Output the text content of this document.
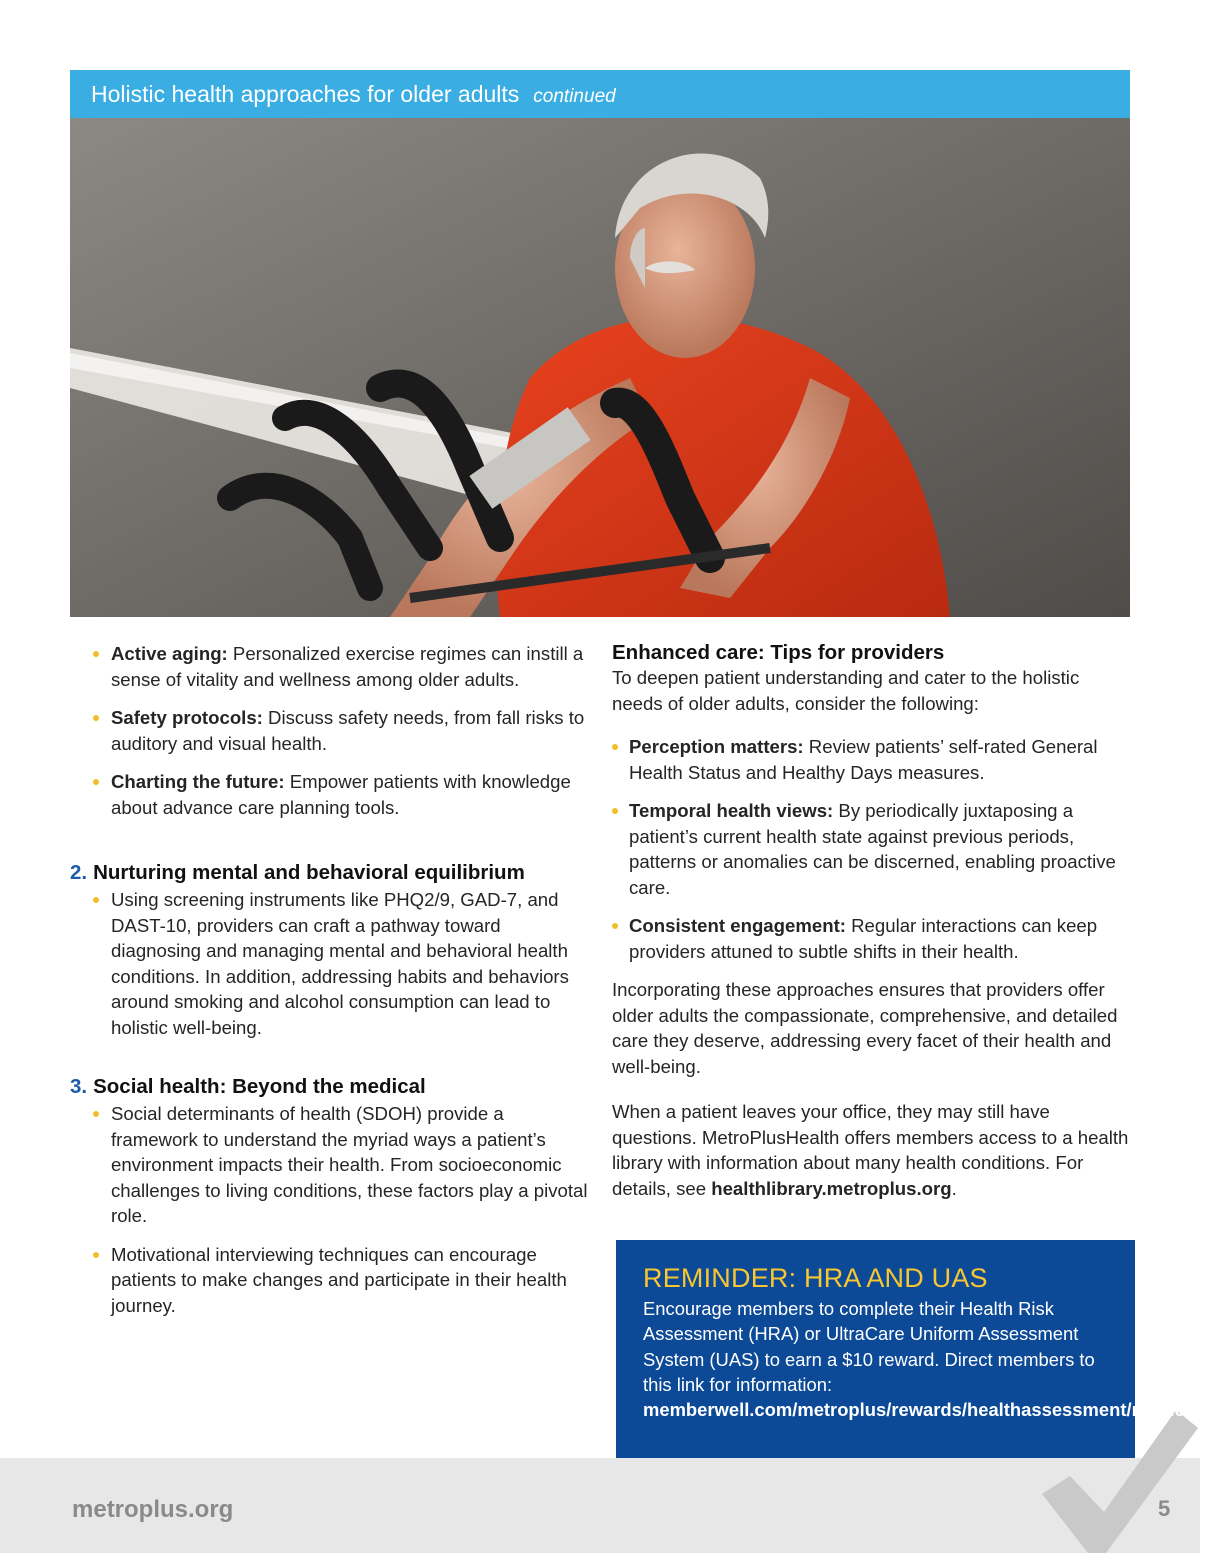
Holistic health approaches for older adults continued
Active aging: Personalized exercise regimes can instill a sense of vitality and wellness among older adults.
Safety protocols: Discuss safety needs, from fall risks to auditory and visual health.
Charting the future: Empower patients with knowledge about advance care planning tools.
2. Nurturing mental and behavioral equilibrium
Using screening instruments like PHQ2/9, GAD-7, and DAST-10, providers can craft a pathway toward diagnosing and managing mental and behavioral health conditions. In addition, addressing habits and behaviors around smoking and alcohol consumption can lead to holistic well-being.
3. Social health: Beyond the medical
Social determinants of health (SDOH) provide a framework to understand the myriad ways a patient’s environment impacts their health. From socioeconomic challenges to living conditions, these factors play a pivotal role.
Motivational interviewing techniques can encourage patients to make changes and participate in their health journey.
Enhanced care: Tips for providers

To deepen patient understanding and cater to the holistic needs of older adults, consider the following:

Perception matters: Review patients’ self-rated General Health Status and Healthy Days measures.
Temporal health views: By periodically juxtaposing a patient’s current health state against previous periods, patterns or anomalies can be discerned, enabling proactive care.
Consistent engagement: Regular interactions can keep providers attuned to subtle shifts in their health.

Incorporating these approaches ensures that providers offer older adults the compassionate, comprehensive, and detailed care they deserve, addressing every facet of their health and well-being.

When a patient leaves your office, they may still have questions. MetroPlusHealth offers members access to a health library with information about many health conditions. For details, see healthlibrary.metroplus.org.

REMINDER: HRA AND UAS
Encourage members to complete their Health Risk Assessment (HRA) or UltraCare Uniform Assessment System (UAS) to earn a $10 reward. Direct members to this link for information: memberwell.com/metroplus/rewards/healthassessment/medicare.
metroplus.org	5
